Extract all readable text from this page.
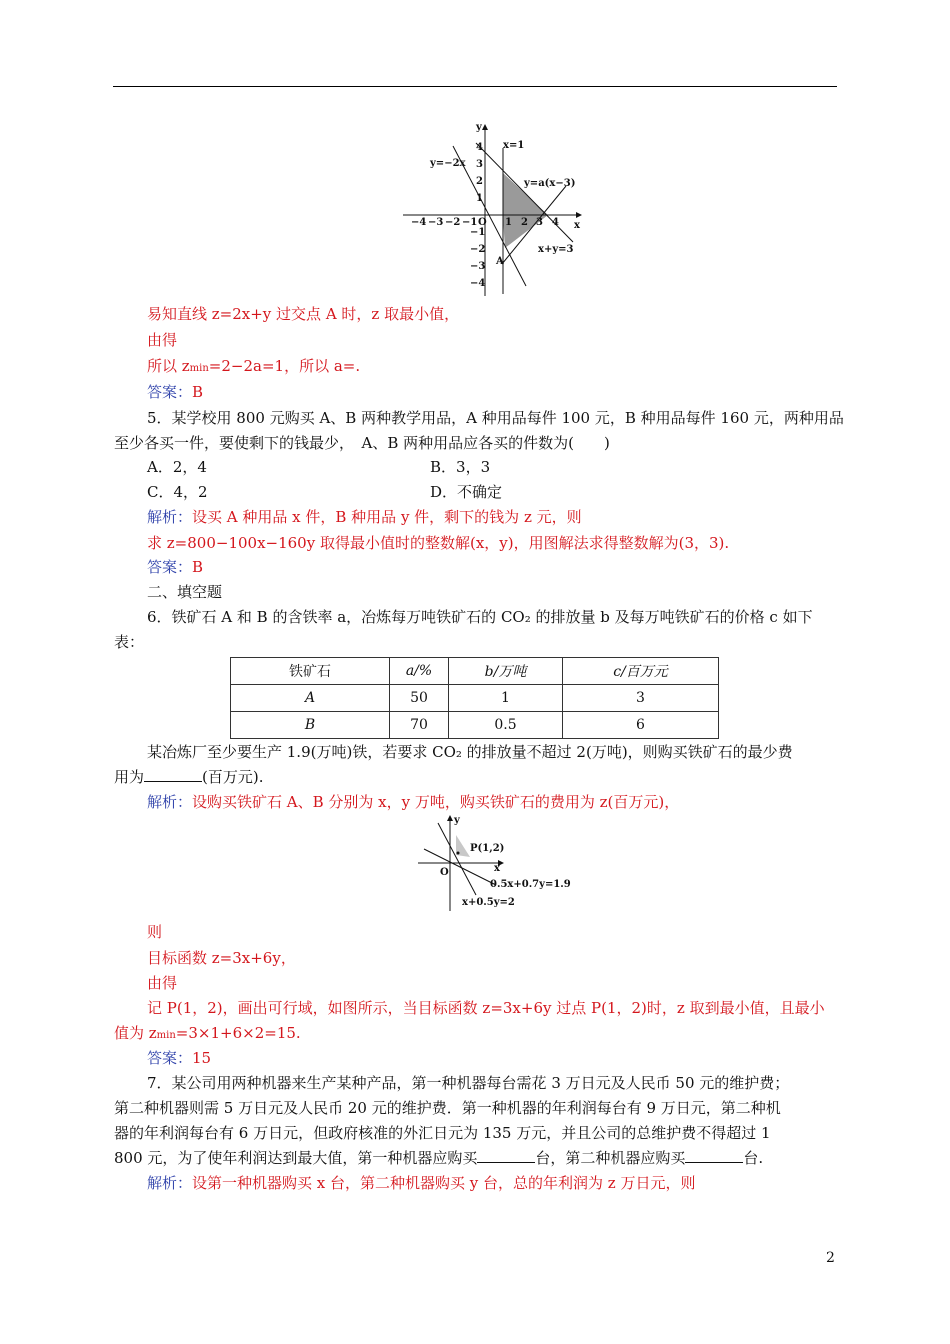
y
x
x=1
y=−2x
y=a(x−3)
x+y=3
A
O
−4 −3 −2 −1	1 2 3 4
4
3
2
1
−1
−2
−3
−4
易知直线 z=2x+y 过交点 A 时，z 取最小值，
由得
所以 zmin=2−2a=1，所以 a=.
答案：B
5．某学校用 800 元购买 A、B 两种教学用品，A 种用品每件 100 元，B 种用品每件 160 元，两种用品
至少各买一件，要使剩下的钱最少，　A、B 两种用品应各买的件数为(　　)
A．2，4	B．3，3
C．4，2	D．不确定
解析：设买 A 种用品 x 件，B 种用品 y 件，剩下的钱为 z 元，则
求 z=800−100x−160y 取得最小值时的整数解(x，y)，用图解法求得整数解为(3，3).
答案：B
二、填空题
6．铁矿石 A 和 B 的含铁率 a，冶炼每万吨铁矿石的 CO₂ 的排放量 b 及每万吨铁矿石的价格 c 如下
表：
铁矿石	a/%	b/万吨	c/百万元
A	50	1	3
B	70	0.5	6
某冶炼厂至少要生产 1.9(万吨)铁，若要求 CO₂ 的排放量不超过 2(万吨)，则购买铁矿石的最少费
用为	(百万元).
解析：设购买铁矿石 A、B 分别为 x，y 万吨，购买铁矿石的费用为 z(百万元)，
y
x
O
P(1,2)
0.5x+0.7y=1.9
x+0.5y=2
则
目标函数 z=3x+6y，
由得
记 P(1，2)，画出可行域，如图所示，当目标函数 z=3x+6y 过点 P(1，2)时，z 取到最小值，且最小
值为 zmin=3×1+6×2=15.
答案：15
7．某公司用两种机器来生产某种产品，第一种机器每台需花 3 万日元及人民币 50 元的维护费；
第二种机器则需 5 万日元及人民币 20 元的维护费．第一种机器的年利润每台有 9 万日元，第二种机
器的年利润每台有 6 万日元，但政府核准的外汇日元为 135 万元，并且公司的总维护费不得超过 1
800 元，为了使年利润达到最大值，第一种机器应购买	台，第二种机器应购买	台.
解析：设第一种机器购买 x 台，第二种机器购买 y 台，总的年利润为 z 万日元，则
2
